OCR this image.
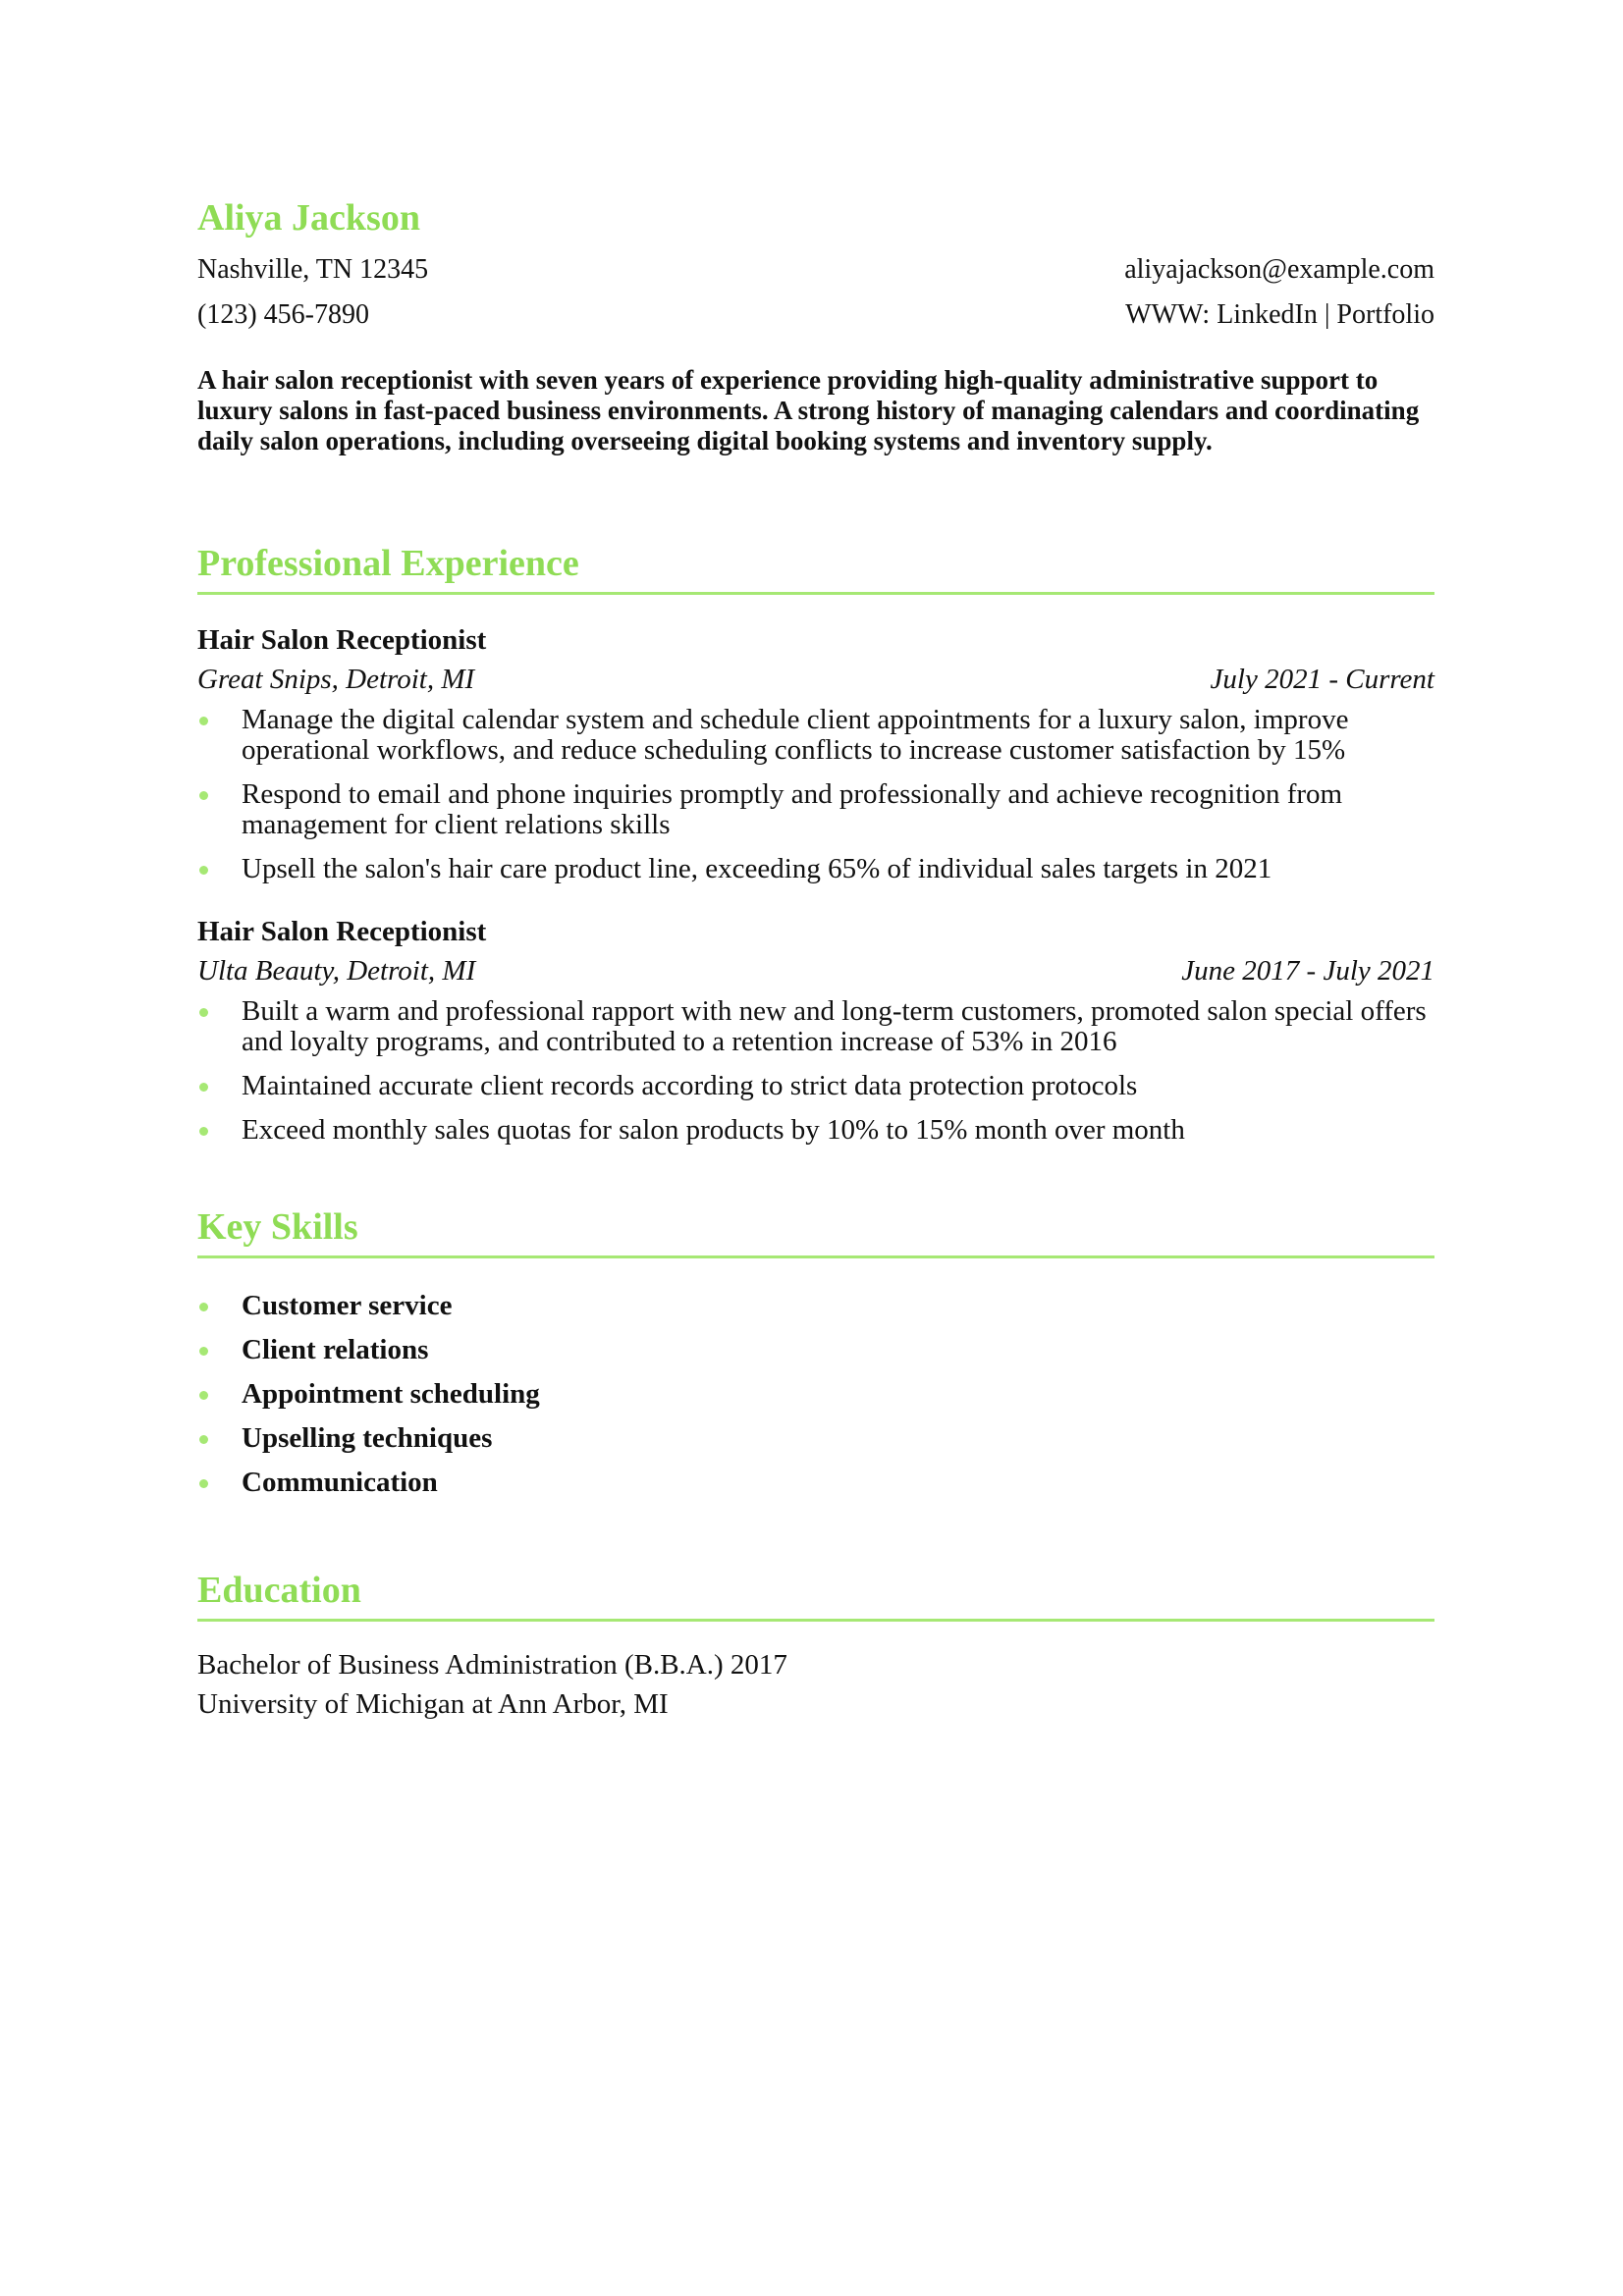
Aliya Jackson
Nashville, TN 12345	aliyajackson@example.com
(123) 456-7890	WWW: LinkedIn | Portfolio
A hair salon receptionist with seven years of experience providing high-quality administrative support to luxury salons in fast-paced business environments. A strong history of managing calendars and coordinating daily salon operations, including overseeing digital booking systems and inventory supply.
Professional Experience
Hair Salon Receptionist
Great Snips, Detroit, MI	July 2021 - Current
Manage the digital calendar system and schedule client appointments for a luxury salon, improve operational workflows, and reduce scheduling conflicts to increase customer satisfaction by 15%
Respond to email and phone inquiries promptly and professionally and achieve recognition from management for client relations skills
Upsell the salon's hair care product line, exceeding 65% of individual sales targets in 2021
Hair Salon Receptionist
Ulta Beauty, Detroit, MI	June 2017 - July 2021
Built a warm and professional rapport with new and long-term customers, promoted salon special offers and loyalty programs, and contributed to a retention increase of 53% in 2016
Maintained accurate client records according to strict data protection protocols
Exceed monthly sales quotas for salon products by 10% to 15% month over month
Key Skills
Customer service
Client relations
Appointment scheduling
Upselling techniques
Communication
Education
Bachelor of Business Administration (B.B.A.) 2017
University of Michigan at Ann Arbor, MI
